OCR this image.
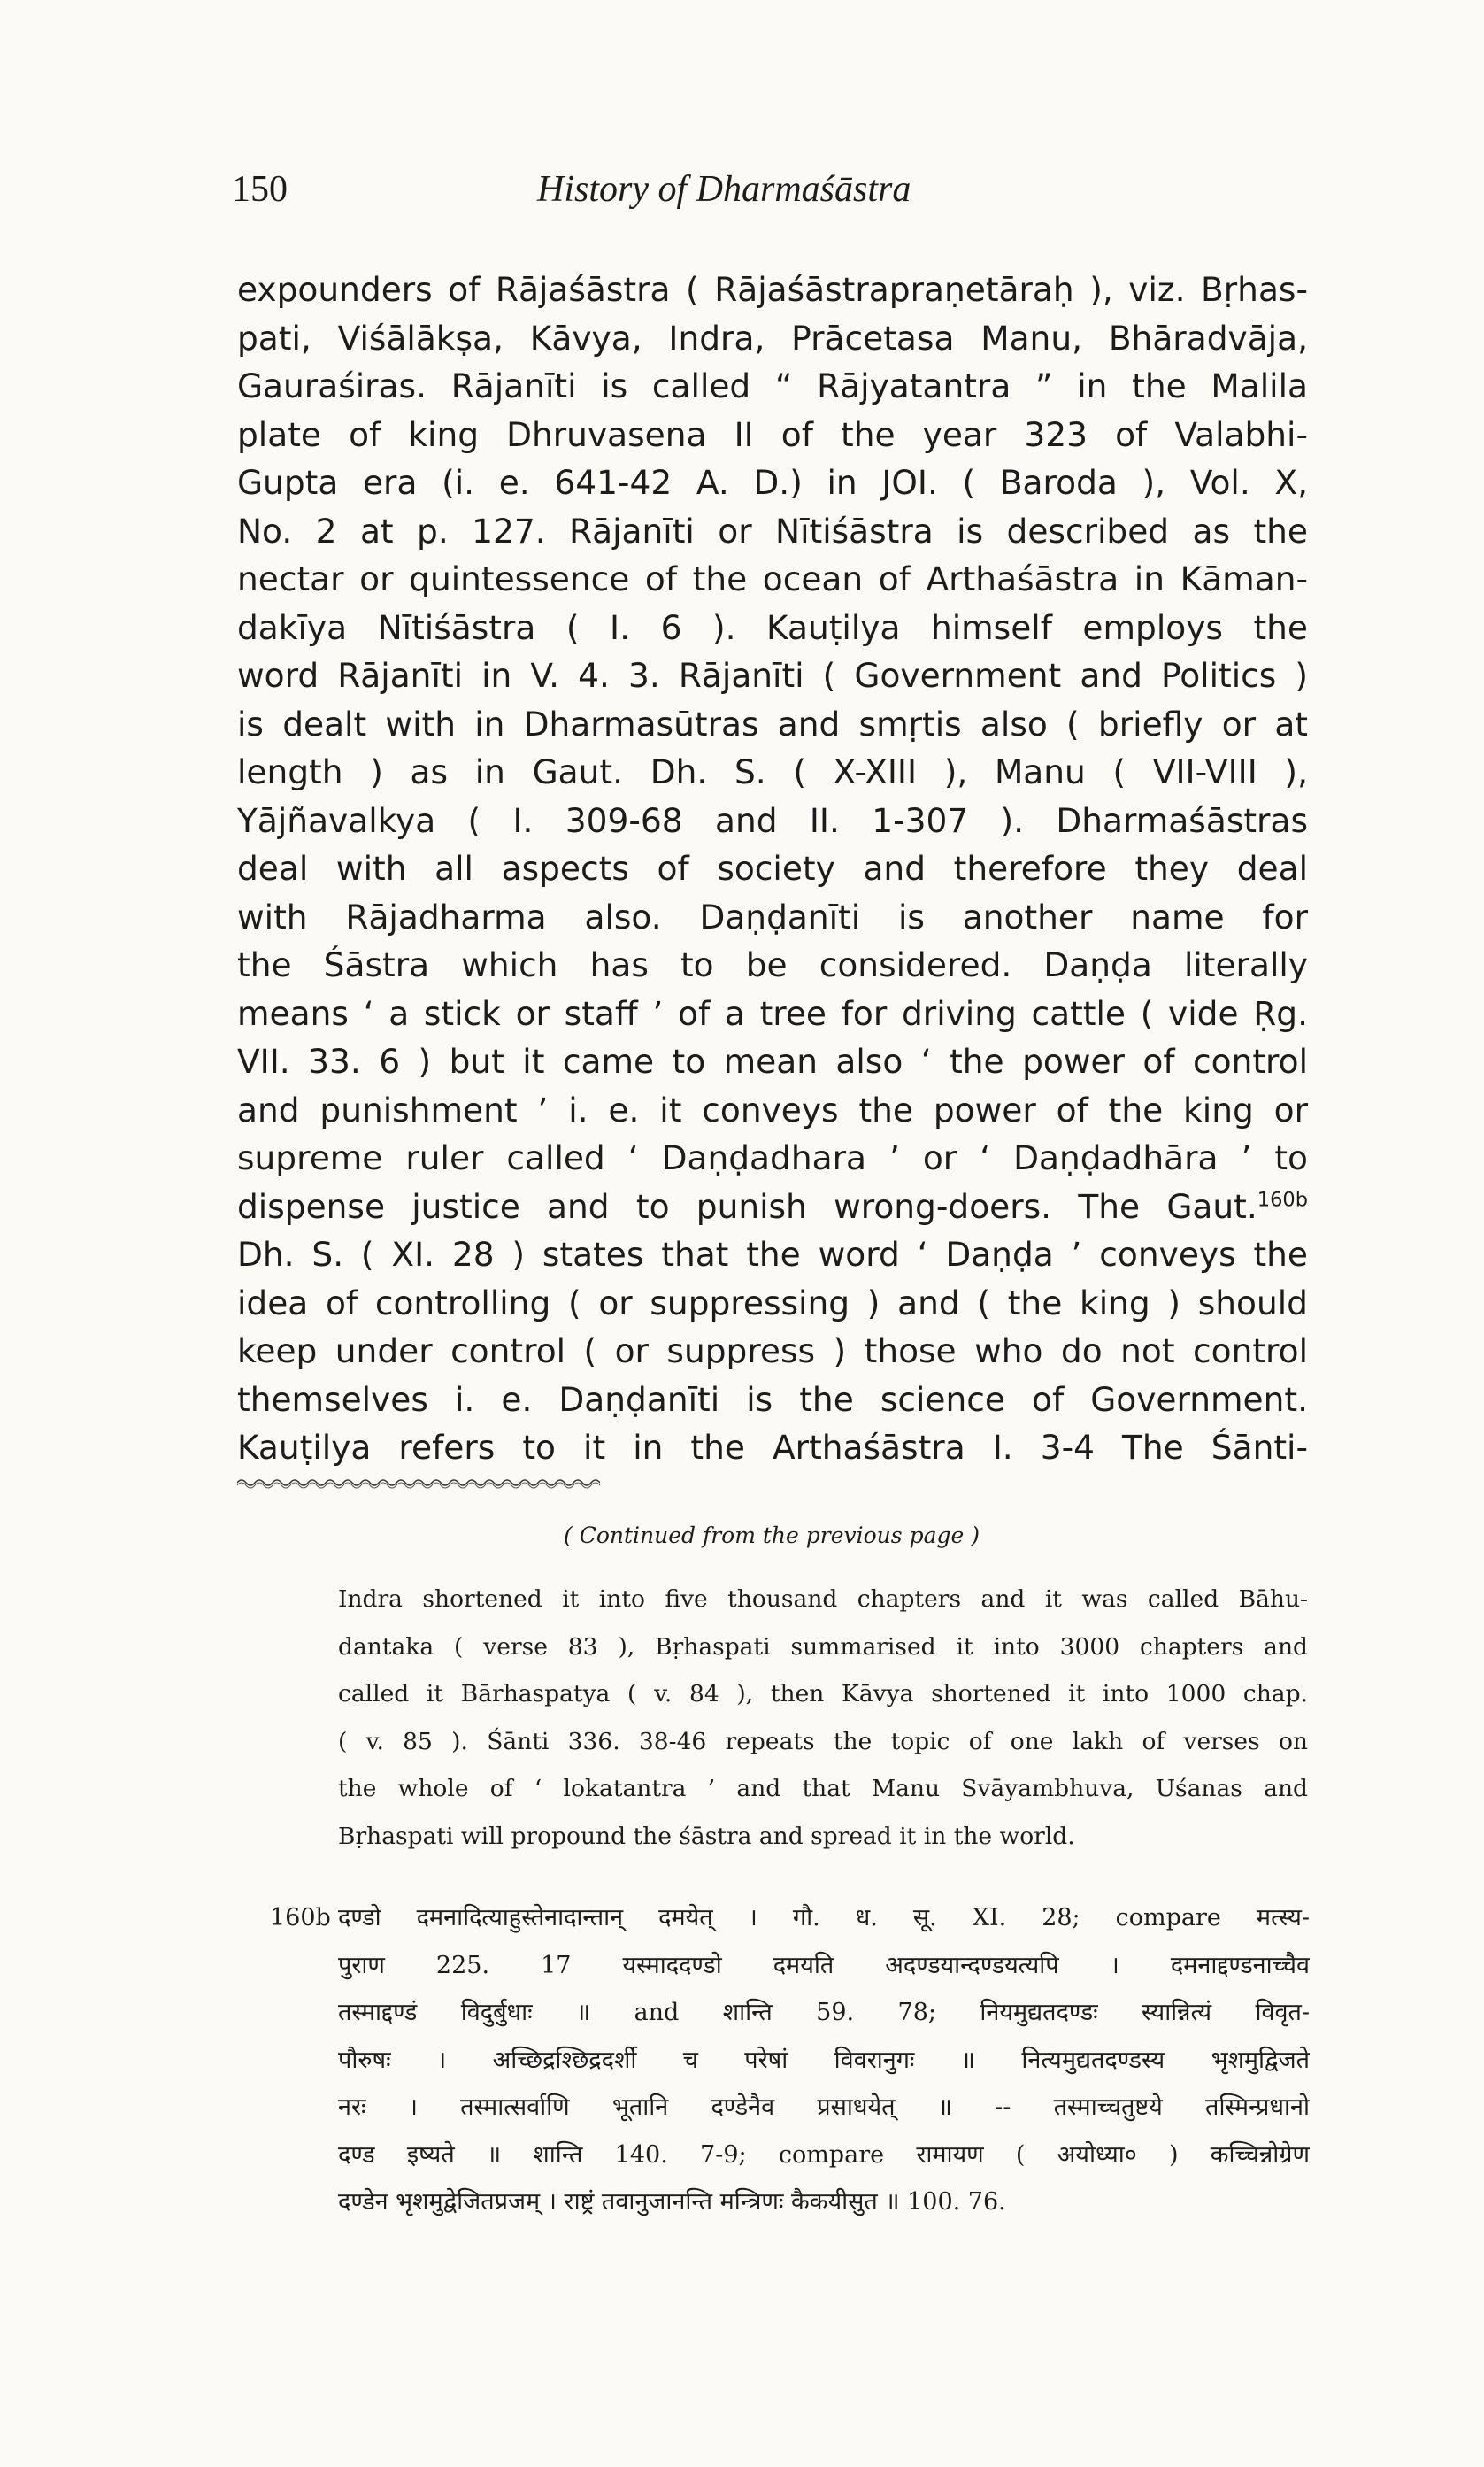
150	History of Dharmaśāstra
expounders of Rājaśāstra ( Rājaśāstrapraṇetāraḥ ), viz. Bṛhas-
pati, Viśālākṣa, Kāvya, Indra, Prācetasa Manu, Bhāradvāja,
Gauraśiras. Rājanīti is called “ Rājyatantra ” in the Malila
plate of king Dhruvasena II of the year 323 of Valabhi-
Gupta era (i. e. 641-42 A. D.) in JOI. ( Baroda ), Vol. X,
No. 2 at p. 127. Rājanīti or Nītiśāstra is described as the
nectar or quintessence of the ocean of Arthaśāstra in Kāman-
dakīya Nītiśāstra ( I. 6 ). Kauṭilya himself employs the
word Rājanīti in V. 4. 3. Rājanīti ( Government and Politics )
is dealt with in Dharmasūtras and smṛtis also ( briefly or at
length ) as in Gaut. Dh. S. ( X-XIII ), Manu ( VII-VIII ),
Yājñavalkya ( I. 309-68 and II. 1-307 ). Dharmaśāstras
deal with all aspects of society and therefore they deal
with Rājadharma also. Daṇḍanīti is another name for
the Śāstra which has to be considered. Daṇḍa literally
means ‘ a stick or staff ’ of a tree for driving cattle ( vide Ṛg.
VII. 33. 6 ) but it came to mean also ‘ the power of control
and punishment ’ i. e. it conveys the power of the king or
supreme ruler called ‘ Daṇḍadhara ’ or ‘ Daṇḍadhāra ’ to
dispense justice and to punish wrong-doers. The Gaut.$^{160b}$
Dh. S. ( XI. 28 ) states that the word ‘ Daṇḍa ’ conveys the
idea of controlling ( or suppressing ) and ( the king ) should
keep under control ( or suppress ) those who do not control
themselves i. e. Daṇḍanīti is the science of Government.
Kauṭilya refers to it in the Arthaśāstra I. 3-4 The Śānti-
( Continued from the previous page )
Indra shortened it into five thousand chapters and it was called Bāhu-
dantaka ( verse 83 ), Bṛhaspati summarised it into 3000 chapters and
called it Bārhaspatya ( v. 84 ), then Kāvya shortened it into 1000 chap.
( v. 85 ). Śānti 336. 38-46 repeats the topic of one lakh of verses on
the whole of ‘ lokatantra ’ and that Manu Svāyambhuva, Uśanas and
Bṛhaspati will propound the śāstra and spread it in the world.
160b दण्डो दमनादित्याहुस्तेनादान्तान् दमयेत् । गौ. ध. सू. XI. 28; compare मत्स्य-
पुराण 225. 17 यस्माददण्डो दमयति अदण्डयान्दण्डयत्यपि । दमनाद्दण्डनाच्चैव
तस्माद्दण्डं विदुर्बुधाः ॥ and शान्ति 59. 78; नियमुद्यतदण्डः स्यान्नित्यं विवृत-
पौरुषः । अच्छिद्रश्छिद्रदर्शी च परेषां विवरानुगः ॥ नित्यमुद्यतदण्डस्य भृशमुद्विजते
नरः । तस्मात्सर्वाणि भूतानि दण्डेनैव प्रसाधयेत् ॥ -- तस्माच्चतुष्टये तस्मिन्प्रधानो
दण्ड इष्यते ॥ शान्ति 140. 7-9; compare रामायण ( अयोध्या० ) कच्चिन्नोग्रेण
दण्डेन भृशमुद्वेजितप्रजम् । राष्ट्रं तवानुजानन्ति मन्त्रिणः कैकयीसुत ॥ 100. 76.
